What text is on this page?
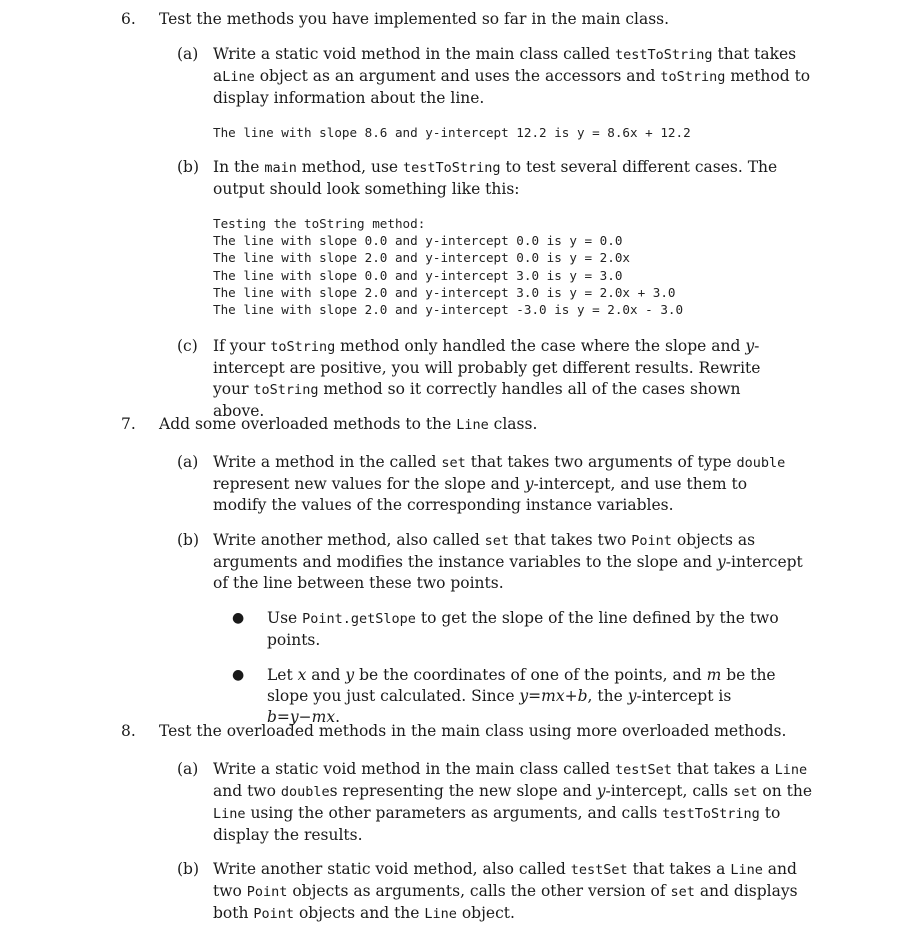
6. Test the methods you have implemented so far in the main class.
(a) Write a static void method in the main class called testToString that takes aLine object as an argument and uses the accessors and toString method to display information about the line.
The line with slope 8.6 and y-intercept 12.2 is y = 8.6x + 12.2
(b) In the main method, use testToString to test several different cases. The output should look something like this:
Testing the toString method:
The line with slope 0.0 and y-intercept 0.0 is y = 0.0
The line with slope 2.0 and y-intercept 0.0 is y = 2.0x
The line with slope 0.0 and y-intercept 3.0 is y = 3.0
The line with slope 2.0 and y-intercept 3.0 is y = 2.0x + 3.0
The line with slope 2.0 and y-intercept -3.0 is y = 2.0x - 3.0
(c) If your toString method only handled the case where the slope and y-intercept are positive, you will probably get different results. Rewrite your toString method so it correctly handles all of the cases shown above.
7. Add some overloaded methods to the Line class.
(a) Write a method in the called set that takes two arguments of type double represent new values for the slope and y-intercept, and use them to modify the values of the corresponding instance variables.
(b) Write another method, also called set that takes two Point objects as arguments and modifies the instance variables to the slope and y-intercept of the line between these two points.
● Use Point.getSlope to get the slope of the line defined by the two points.
● Let x and y be the coordinates of one of the points, and m be the slope you just calculated. Since y=mx+b, the y-intercept is b=y−mx.
8. Test the overloaded methods in the main class using more overloaded methods.
(a) Write a static void method in the main class called testSet that takes a Line and two doubles representing the new slope and y-intercept, calls set on the Line using the other parameters as arguments, and calls testToString to display the results.
(b) Write another static void method, also called testSet that takes a Line and two Point objects as arguments, calls the other version of set and displays both Point objects and the Line object.
